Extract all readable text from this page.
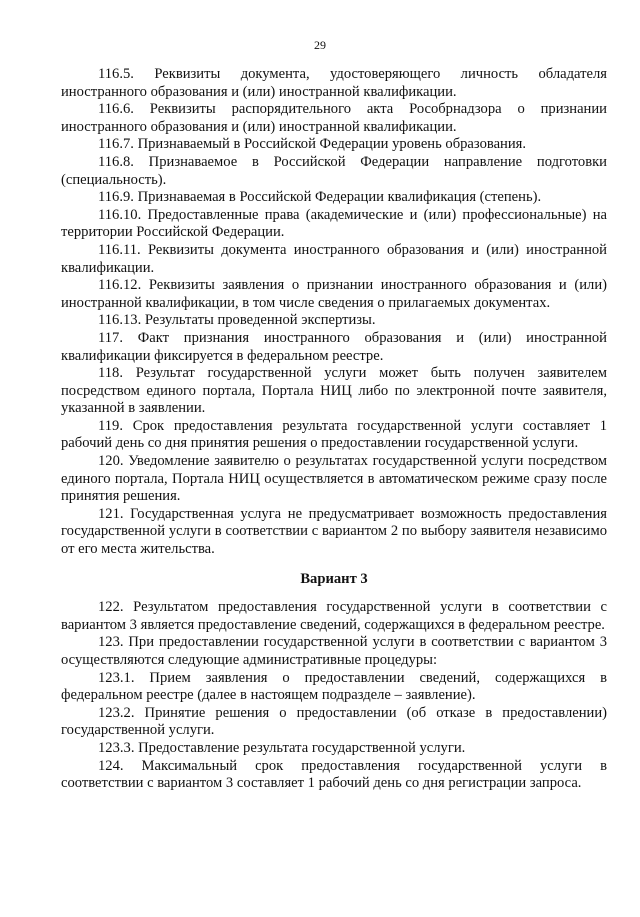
29

116.5. Реквизиты документа, удостоверяющего личность обладателя иностранного образования и (или) иностранной квалификации.

116.6. Реквизиты распорядительного акта Рособрнадзора о признании иностранного образования и (или) иностранной квалификации.

116.7. Признаваемый в Российской Федерации уровень образования.

116.8. Признаваемое в Российской Федерации направление подготовки (специальность).

116.9. Признаваемая в Российской Федерации квалификация (степень).

116.10. Предоставленные права (академические и (или) профессиональные) на территории Российской Федерации.

116.11. Реквизиты документа иностранного образования и (или) иностранной квалификации.

116.12. Реквизиты заявления о признании иностранного образования и (или) иностранной квалификации, в том числе сведения о прилагаемых документах.

116.13. Результаты проведенной экспертизы.

117. Факт признания иностранного образования и (или) иностранной квалификации фиксируется в федеральном реестре.

118. Результат государственной услуги может быть получен заявителем посредством единого портала, Портала НИЦ либо по электронной почте заявителя, указанной в заявлении.

119. Срок предоставления результата государственной услуги составляет 1 рабочий день со дня принятия решения о предоставлении государственной услуги.

120. Уведомление заявителю о результатах государственной услуги посредством единого портала, Портала НИЦ осуществляется в автоматическом режиме сразу после принятия решения.

121. Государственная услуга не предусматривает возможность предоставления государственной услуги в соответствии с вариантом 2 по выбору заявителя независимо от его места жительства.

Вариант 3

122. Результатом предоставления государственной услуги в соответствии с вариантом 3 является предоставление сведений, содержащихся в федеральном реестре.

123. При предоставлении государственной услуги в соответствии с вариантом 3 осуществляются следующие административные процедуры:

123.1. Прием заявления о предоставлении сведений, содержащихся в федеральном реестре (далее в настоящем подразделе – заявление).

123.2. Принятие решения о предоставлении (об отказе в предоставлении) государственной услуги.

123.3. Предоставление результата государственной услуги.

124. Максимальный срок предоставления государственной услуги в соответствии с вариантом 3 составляет 1 рабочий день со дня регистрации запроса.
